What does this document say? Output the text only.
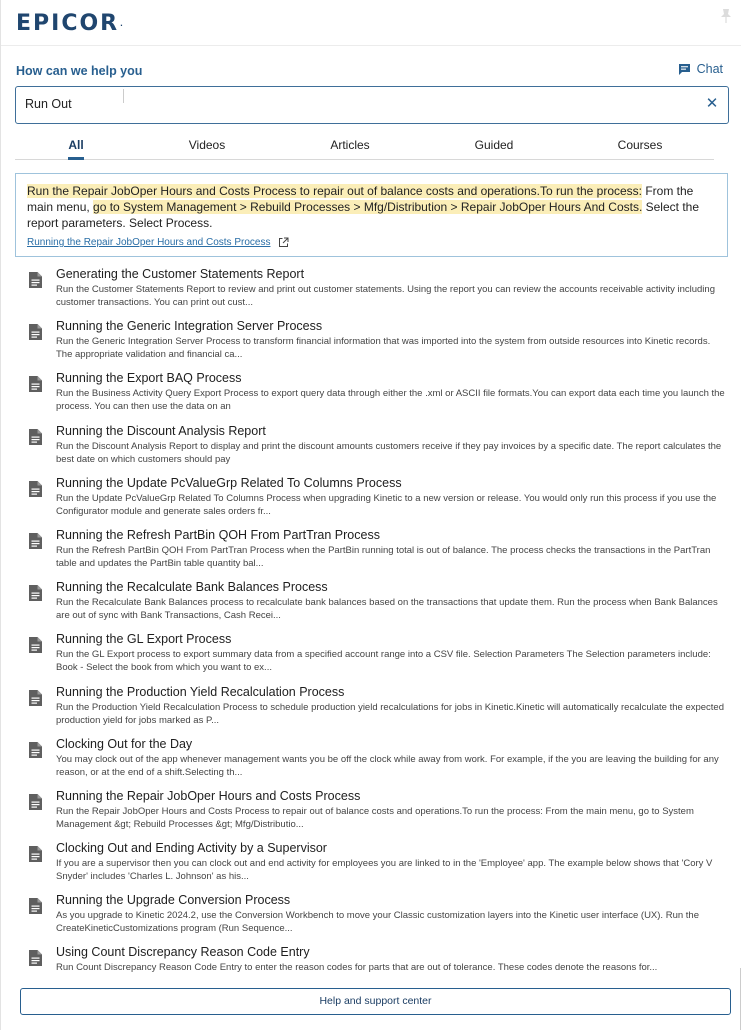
EPICOR.
How can we help you	Chat
Run Out
✕
All	Videos	Articles	Guided	Courses
Run the Repair JobOper Hours and Costs Process to repair out of balance costs and operations.To run the process: From the main menu, go to System Management > Rebuild Processes > Mfg/Distribution > Repair JobOper Hours And Costs. Select the report parameters. Select Process.
Running the Repair JobOper Hours and Costs Process
Generating the Customer Statements Report
Run the Customer Statements Report to review and print out customer statements. Using the report you can review the accounts receivable activity including customer transactions. You can print out cust...
Running the Generic Integration Server Process
Run the Generic Integration Server Process to transform financial information that was imported into the system from outside resources into Kinetic records. The appropriate validation and financial ca...
Running the Export BAQ Process
Run the Business Activity Query Export Process to export query data through either the .xml or ASCII file formats.You can export data each time you launch the process. You can then use the data on an
Running the Discount Analysis Report
Run the Discount Analysis Report to display and print the discount amounts customers receive if they pay invoices by a specific date. The report calculates the best date on which customers should pay
Running the Update PcValueGrp Related To Columns Process
Run the Update PcValueGrp Related To Columns Process when upgrading Kinetic to a new version or release. You would only run this process if you use the Configurator module and generate sales orders fr...
Running the Refresh PartBin QOH From PartTran Process
Run the Refresh PartBin QOH From PartTran Process when the PartBin running total is out of balance. The process checks the transactions in the PartTran table and updates the PartBin table quantity bal...
Running the Recalculate Bank Balances Process
Run the Recalculate Bank Balances process to recalculate bank balances based on the transactions that update them. Run the process when Bank Balances are out of sync with Bank Transactions, Cash Recei...
Running the GL Export Process
Run the GL Export process to export summary data from a specified account range into a CSV file. Selection Parameters The Selection parameters include: Book - Select the book from which you want to ex...
Running the Production Yield Recalculation Process
Run the Production Yield Recalculation Process to schedule production yield recalculations for jobs in Kinetic.Kinetic will automatically recalculate the expected production yield for jobs marked as P...
Clocking Out for the Day
You may clock out of the app whenever management wants you be off the clock while away from work. For example, if the you are leaving the building for any reason, or at the end of a shift.Selecting th...
Running the Repair JobOper Hours and Costs Process
Run the Repair JobOper Hours and Costs Process to repair out of balance costs and operations.To run the process: From the main menu, go to System Management &gt; Rebuild Processes &gt; Mfg/Distributio...
Clocking Out and Ending Activity by a Supervisor
If you are a supervisor then you can clock out and end activity for employees you are linked to in the 'Employee' app. The example below shows that 'Cory V Snyder' includes 'Charles L. Johnson' as his...
Running the Upgrade Conversion Process
As you upgrade to Kinetic 2024.2, use the Conversion Workbench to move your Classic customization layers into the Kinetic user interface (UX). Run the CreateKineticCustomizations program (Run Sequence...
Using Count Discrepancy Reason Code Entry
Run Count Discrepancy Reason Code Entry to enter the reason codes for parts that are out of tolerance. These codes denote the reasons for...
Help and support center
